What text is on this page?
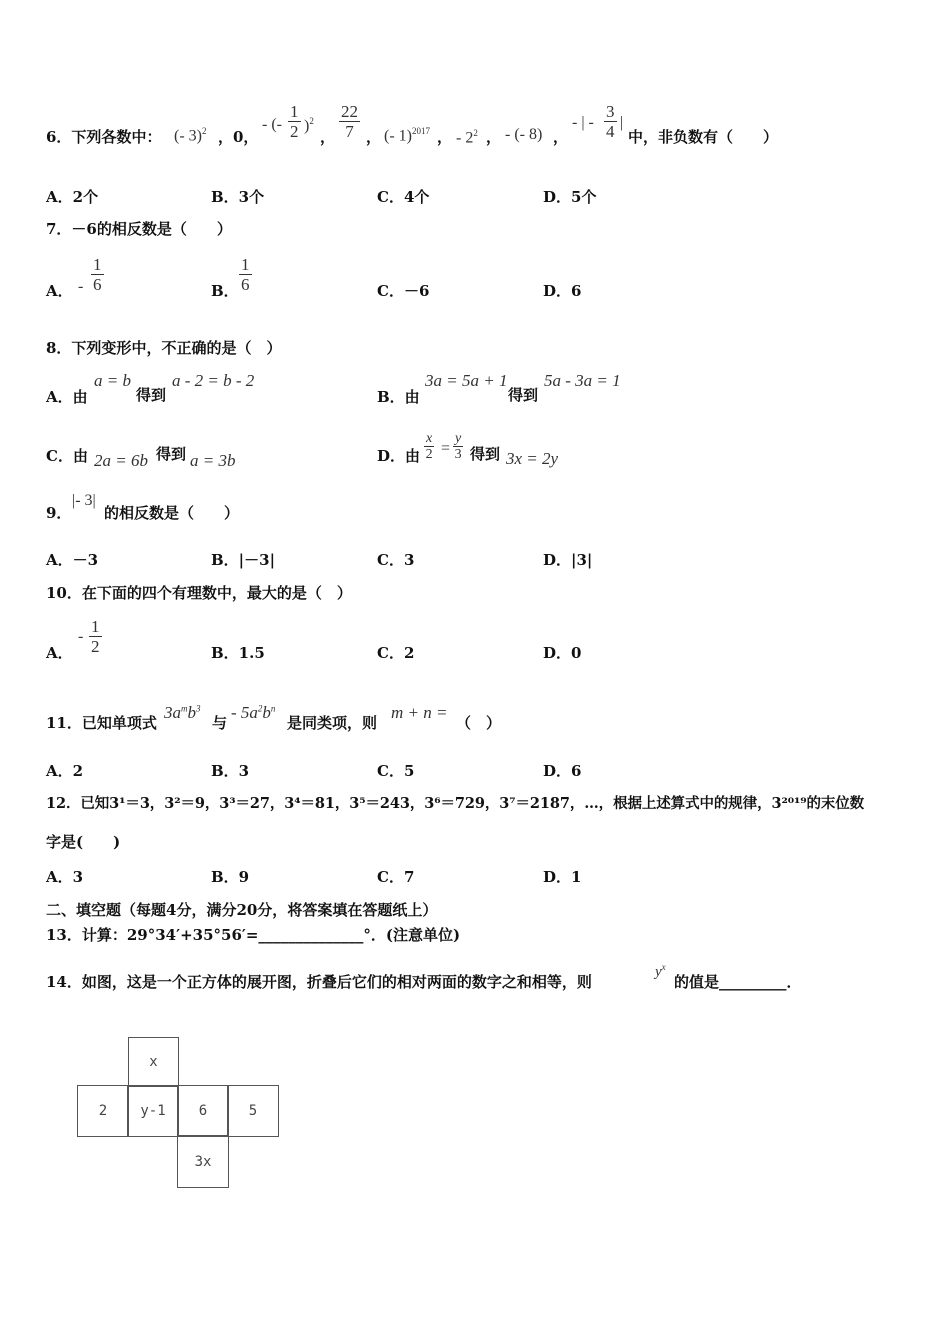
6．下列各数中： (- 3)$^2$ ，0，
- (- $\frac{1}{2} )^2$
， $\frac{22}{7}$ ， (- 1)$^{2017}$ ， - $2^2$ ， - (- 8) ，
- | - $\frac{3}{4}$ |
中，非负数有（　　）
A．2个	B．3个	C．4个	D．5个
7．－6的相反数是（　　）
A． - $\frac{1}{6}$	B． $\frac{1}{6}$	C．－6	D．6
8．下列变形中，不正确的是（　）
A．由
a = b
得到
a - 2 = b - 2
B．由
3a = 5a + 1
得到
5a - 3a = 1
C．由 2a = 6b 得到 a = 3b	D．由 $\frac{x}{2} = \frac{y}{3}$ 得到 3x = 2y
9．
|- 3|
的相反数是（　　）
A．－3	B．|－3|	C．3	D．|3|
10．在下面的四个有理数中，最大的是（　）
A．
- $\frac{1}{2}$	B．1.5	C．2	D．0
11．已知单项式
$3a^mb^3$
与
- $5a^2b^n$
是同类项，则
m + n =
（　）
A．2	B．3	C．5	D．6
12．已知3¹＝3，3²＝9，3³＝27，3⁴＝81，3⁵＝243，3⁶＝729，3⁷＝2187，…，根据上述算式中的规律，3²⁰¹⁹的末位数
字是(　　)
A．3	B．9	C．7	D．1
二、填空题（每题4分，满分20分，将答案填在答题纸上）
13．计算：29°34′+35°56′=______________°．(注意单位)
14．如图，这是一个正方体的展开图，折叠后它们的相对两面的数字之和相等，则
$y^x$
的值是_________．
x
2	y-1	6	5
3x
